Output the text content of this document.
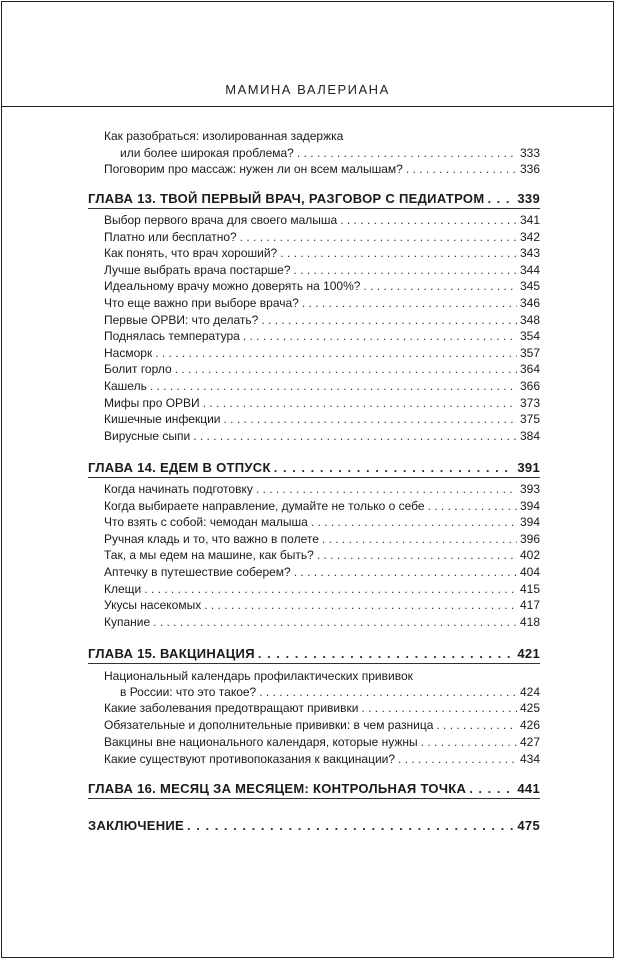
МАМИНА ВАЛЕРИАНА
Как разобраться: изолированная задержка
или более широкая проблема? . . .	333
Поговорим про массаж: нужен ли он всем малышам? . . .	336
ГЛАВА 13. ТВОЙ ПЕРВЫЙ ВРАЧ, РАЗГОВОР С ПЕДИАТРОМ . . .	339
Выбор первого врача для своего малыша . . .	341
Платно или бесплатно? . . .	342
Как понять, что врач хороший? . . .	343
Лучше выбрать врача постарше? . . .	344
Идеальному врачу можно доверять на 100%? . . .	345
Что еще важно при выборе врача? . . .	346
Первые ОРВИ: что делать? . . .	348
Поднялась температура . . .	354
Насморк . . .	357
Болит горло . . .	364
Кашель . . .	366
Мифы про ОРВИ . . .	373
Кишечные инфекции . . .	375
Вирусные сыпи . . .	384
ГЛАВА 14. ЕДЕМ В ОТПУСК . . .	391
Когда начинать подготовку . . .	393
Когда выбираете направление, думайте не только о себе . . .	394
Что взять с собой: чемодан малыша . . .	394
Ручная кладь и то, что важно в полете . . .	396
Так, а мы едем на машине, как быть? . . .	402
Аптечку в путешествие соберем? . . .	404
Клещи . . .	415
Укусы насекомых . . .	417
Купание . . .	418
ГЛАВА 15. ВАКЦИНАЦИЯ . . .	421
Национальный календарь профилактических прививок
в России: что это такое? . . .	424
Какие заболевания предотвращают прививки . . .	425
Обязательные и дополнительные прививки: в чем разница . . .	426
Вакцины вне национального календаря, которые нужны . . .	427
Какие существуют противопоказания к вакцинации? . . .	434
ГЛАВА 16. МЕСЯЦ ЗА МЕСЯЦЕМ: КОНТРОЛЬНАЯ ТОЧКА . . .	441
ЗАКЛЮЧЕНИЕ . . .	475
